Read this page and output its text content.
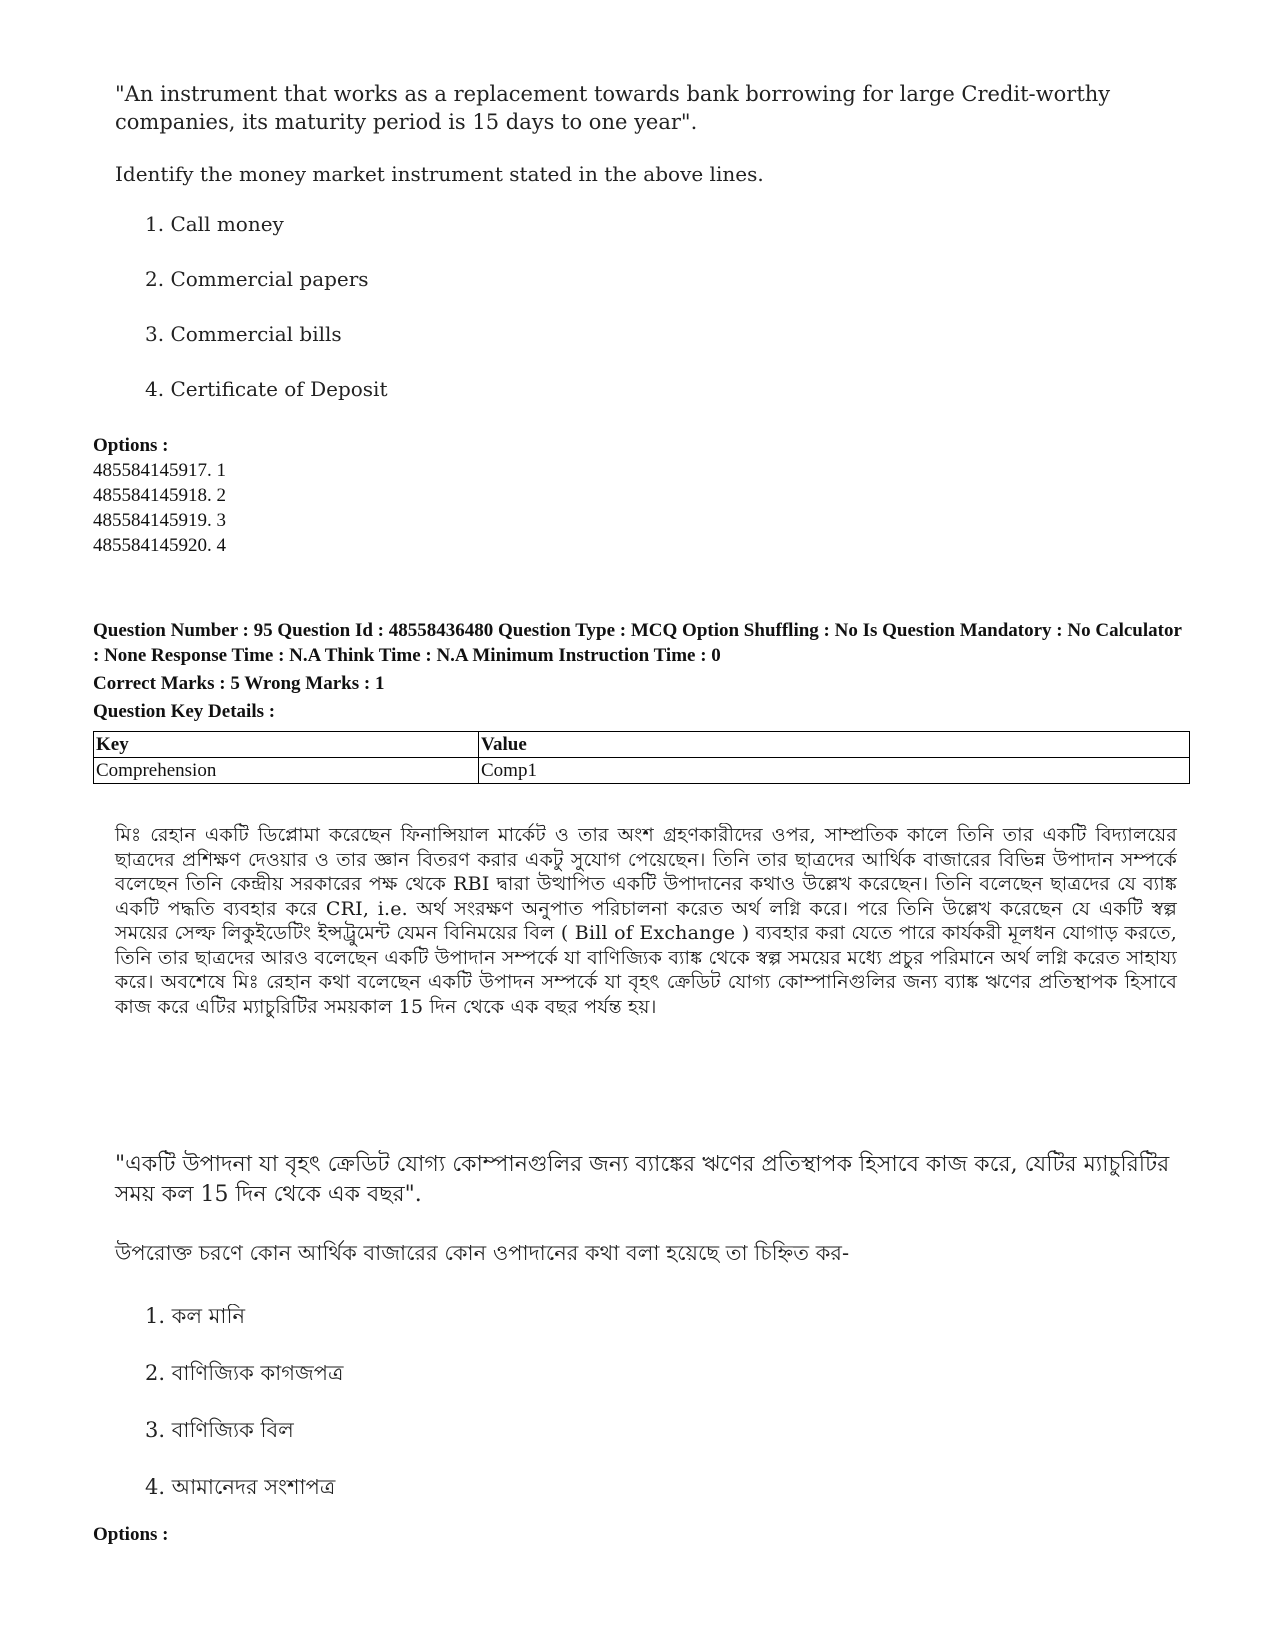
"An instrument that works as a replacement towards bank borrowing for large Credit-worthy companies, its maturity period is 15 days to one year".
Identify the money market instrument stated in the above lines.
1. Call money
2. Commercial papers
3. Commercial bills
4. Certificate of Deposit
Options :
485584145917. 1
485584145918. 2
485584145919. 3
485584145920. 4

Question Number : 95 Question Id : 48558436480 Question Type : MCQ Option Shuffling : No Is Question Mandatory : No Calculator : None Response Time : N.A Think Time : N.A Minimum Instruction Time : 0

Correct Marks : 5 Wrong Marks : 1

Question Key Details :

Key	Value
Comprehension	Comp1
মিঃ রেহান একটি ডিপ্লোমা করেছেন ফিনান্সিয়াল মার্কেট ও তার অংশ গ্রহণকারীদের ওপর, সাম্প্রতিক কালে তিনি তার একটি বিদ্যালয়ের ছাত্রদের প্রশিক্ষণ দেওয়ার ও তার জ্ঞান বিতরণ করার একটু সুযোগ পেয়েছেন। তিনি তার ছাত্রদের আর্থিক বাজারের বিভিন্ন উপাদান সম্পর্কে বলেছেন তিনি কেন্দ্রীয় সরকারের পক্ষ থেকে RBI দ্বারা উত্থাপিত একটি উপাদানের কথাও উল্লেখ করেছেন। তিনি বলেছেন ছাত্রদের যে ব্যাঙ্ক একটি পদ্ধতি ব্যবহার করে CRI, i.e. অর্থ সংরক্ষণ অনুপাত পরিচালনা করেত অর্থ লগ্নি করে। পরে তিনি উল্লেখ করেছেন যে একটি স্বল্প সময়ের সেল্ফ লিকুইডেটিং ইন্সট্রুমেন্ট যেমন বিনিময়ের বিল ( Bill of Exchange ) ব্যবহার করা যেতে পারে কার্যকরী মূলধন যোগাড় করতে, তিনি তার ছাত্রদের আরও বলেছেন একটি উপাদান সম্পর্কে যা বাণিজ্যিক ব্যাঙ্ক থেকে স্বল্প সময়ের মধ্যে প্রচুর পরিমানে অর্থ লগ্নি করেত সাহায্য করে। অবশেষে মিঃ রেহান কথা বলেছেন একটি উপাদন সম্পর্কে যা বৃহৎ ক্রেডিট যোগ্য কোম্পানিগুলির জন্য ব্যাঙ্ক ঋণের প্রতিস্থাপক হিসাবে কাজ করে এটির ম্যাচুরিটির সময়কাল 15 দিন থেকে এক বছর পর্যন্ত হয়।
"একটি উপাদনা যা বৃহৎ ক্রেডিট যোগ্য কোম্পানগুলির জন্য ব্যাঙ্কের ঋণের প্রতিস্থাপক হিসাবে কাজ করে, যেটির ম্যাচুরিটির সময় কল 15 দিন থেকে এক বছর".
উপরোক্ত চরণে কোন আর্থিক বাজারের কোন ওপাদানের কথা বলা হয়েছে তা চিহ্নিত কর-
1. কল মানি
2. বাণিজ্যিক কাগজপত্র
3. বাণিজ্যিক বিল
4. আমানেদর সংশাপত্র
Options :
